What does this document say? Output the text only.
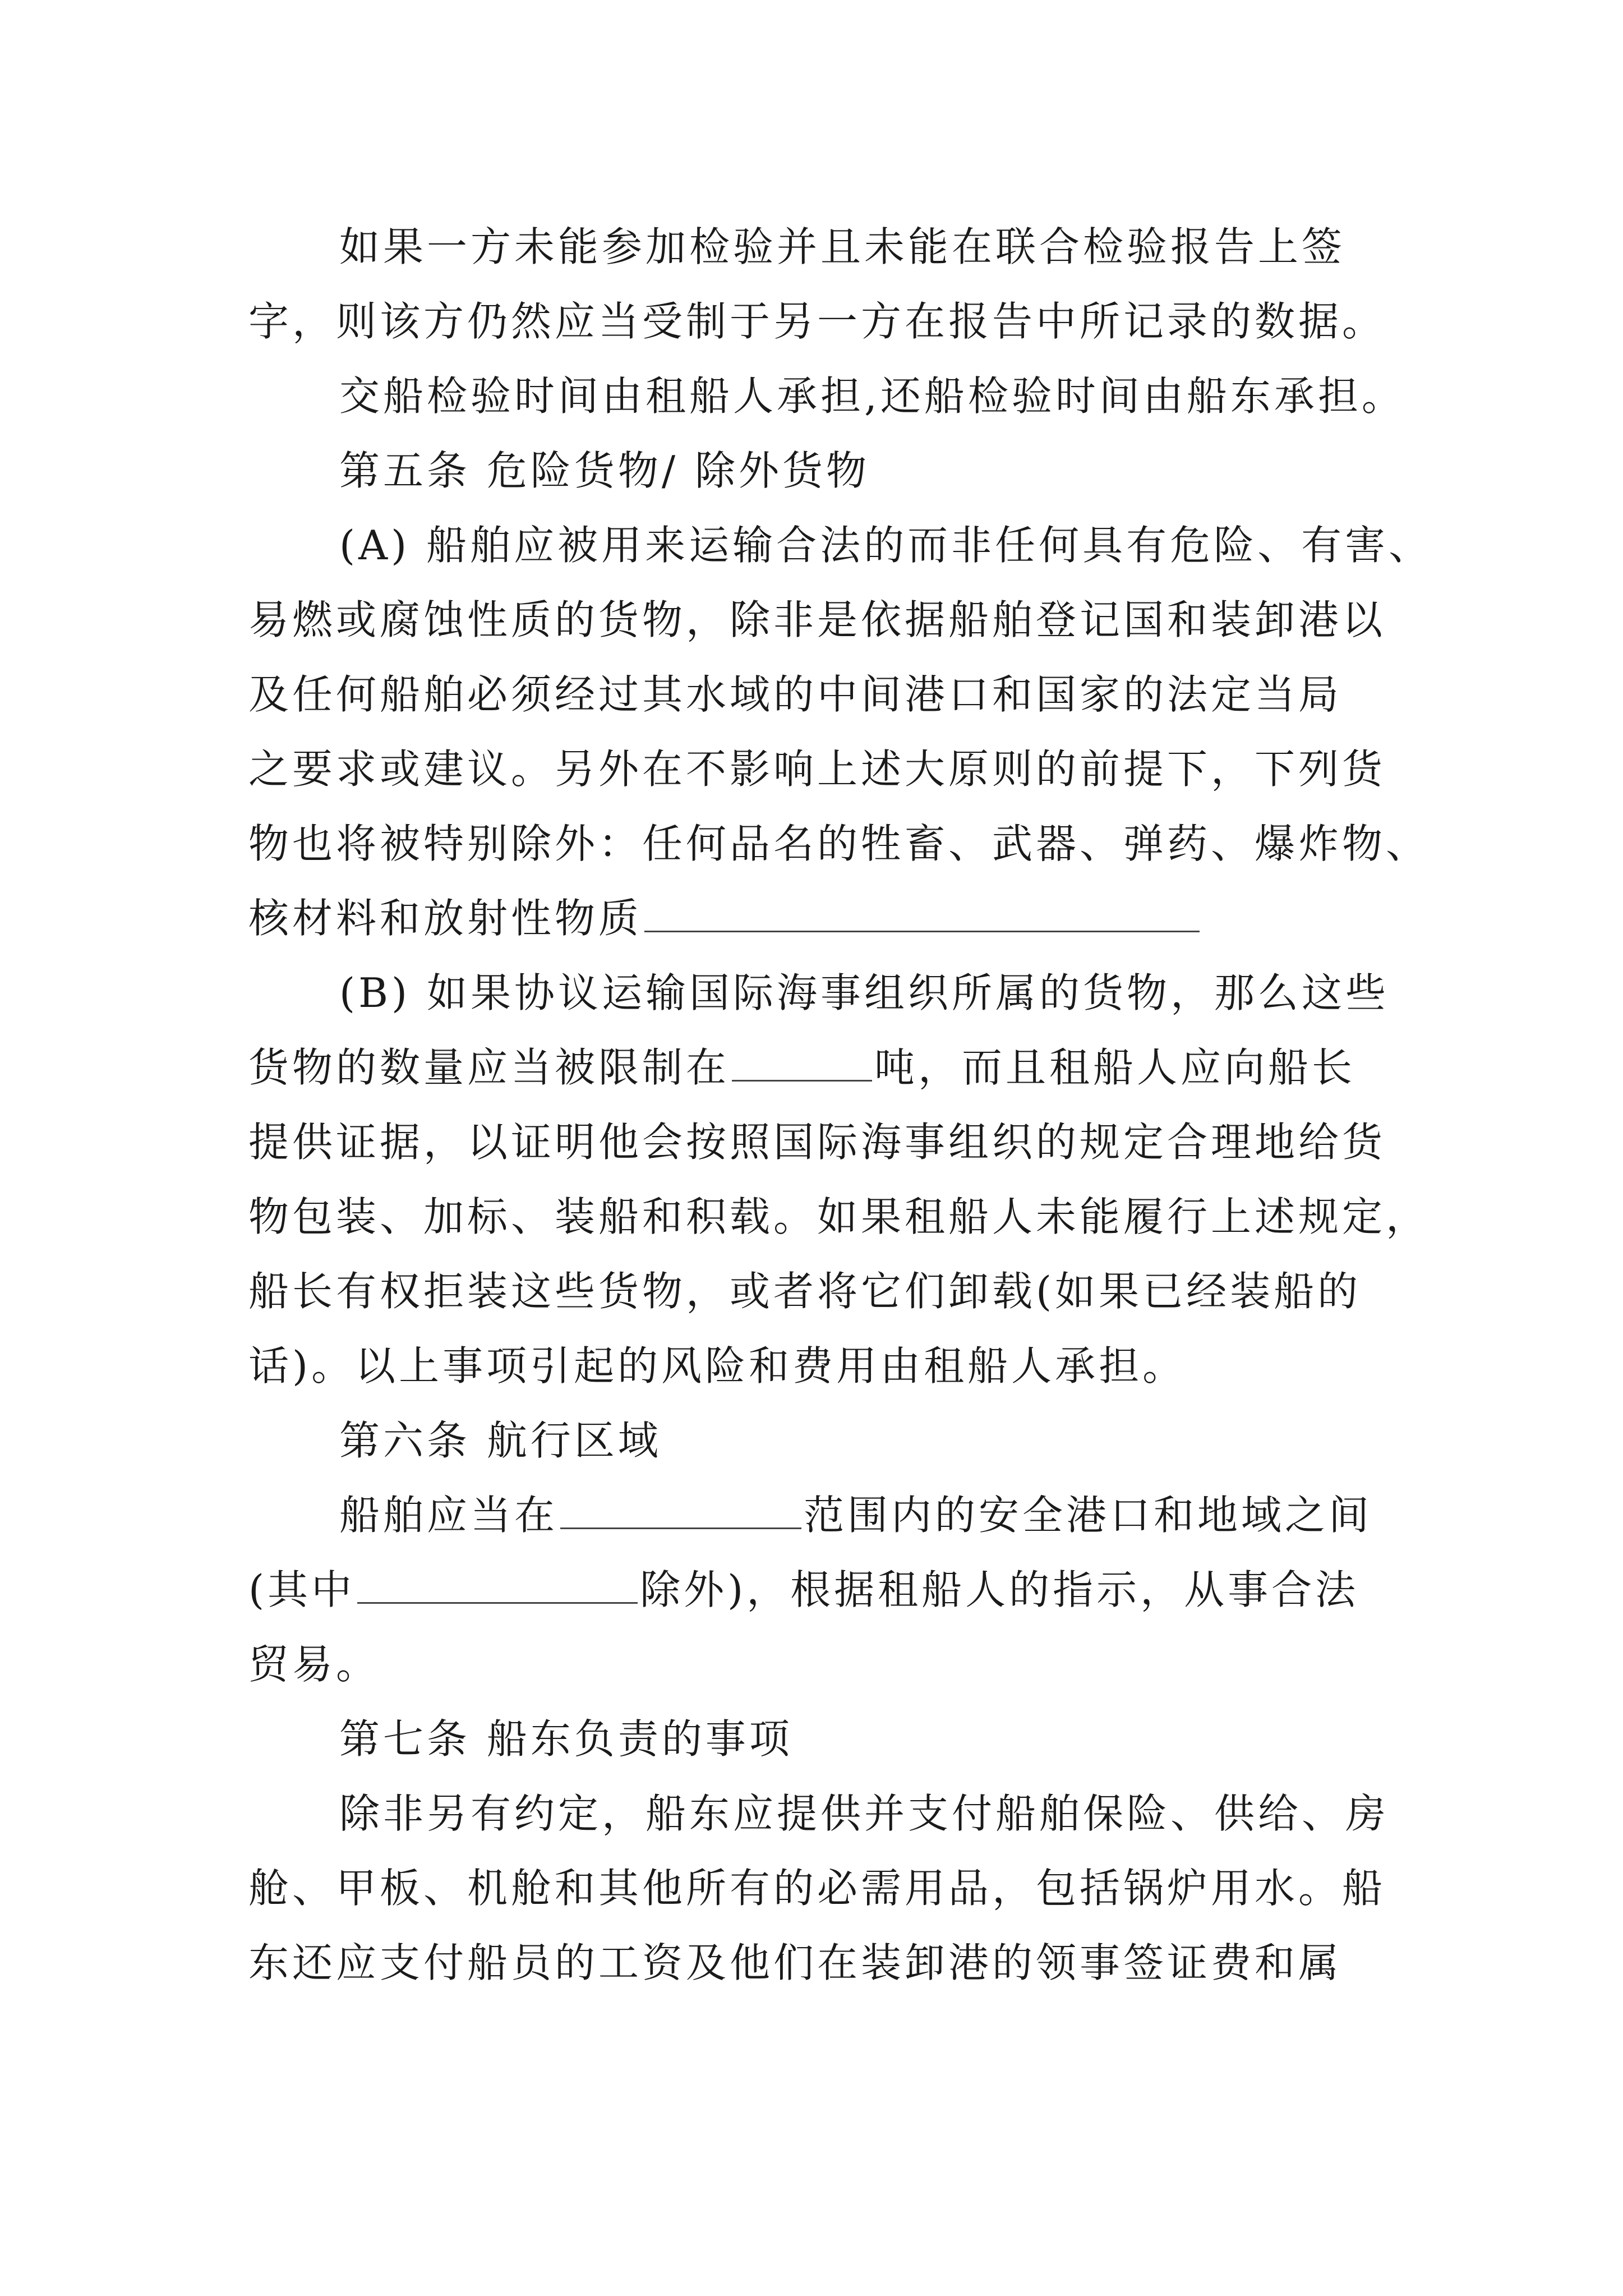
如果一方未能参加检验并且未能在联合检验报告上签
字，则该方仍然应当受制于另一方在报告中所记录的数据。
交船检验时间由租船人承担,还船检验时间由船东承担。
第五条 危险货物/ 除外货物
(A) 船舶应被用来运输合法的而非任何具有危险、有害、
易燃或腐蚀性质的货物，除非是依据船舶登记国和装卸港以
及任何船舶必须经过其水域的中间港口和国家的法定当局
之要求或建议。另外在不影响上述大原则的前提下，下列货
物也将被特别除外：任何品名的牲畜、武器、弹药、爆炸物、
核材料和放射性物质
(B) 如果协议运输国际海事组织所属的货物，那么这些
货物的数量应当被限制在	吨，而且租船人应向船长
提供证据，以证明他会按照国际海事组织的规定合理地给货
物包装、加标、装船和积载。如果租船人未能履行上述规定，
船长有权拒装这些货物，或者将它们卸载(如果已经装船的
话)。以上事项引起的风险和费用由租船人承担。
第六条 航行区域
船舶应当在	范围内的安全港口和地域之间
(其中	除外)，根据租船人的指示，从事合法
贸易。
第七条 船东负责的事项
除非另有约定，船东应提供并支付船舶保险、供给、房
舱、甲板、机舱和其他所有的必需用品，包括锅炉用水。船
东还应支付船员的工资及他们在装卸港的领事签证费和属
